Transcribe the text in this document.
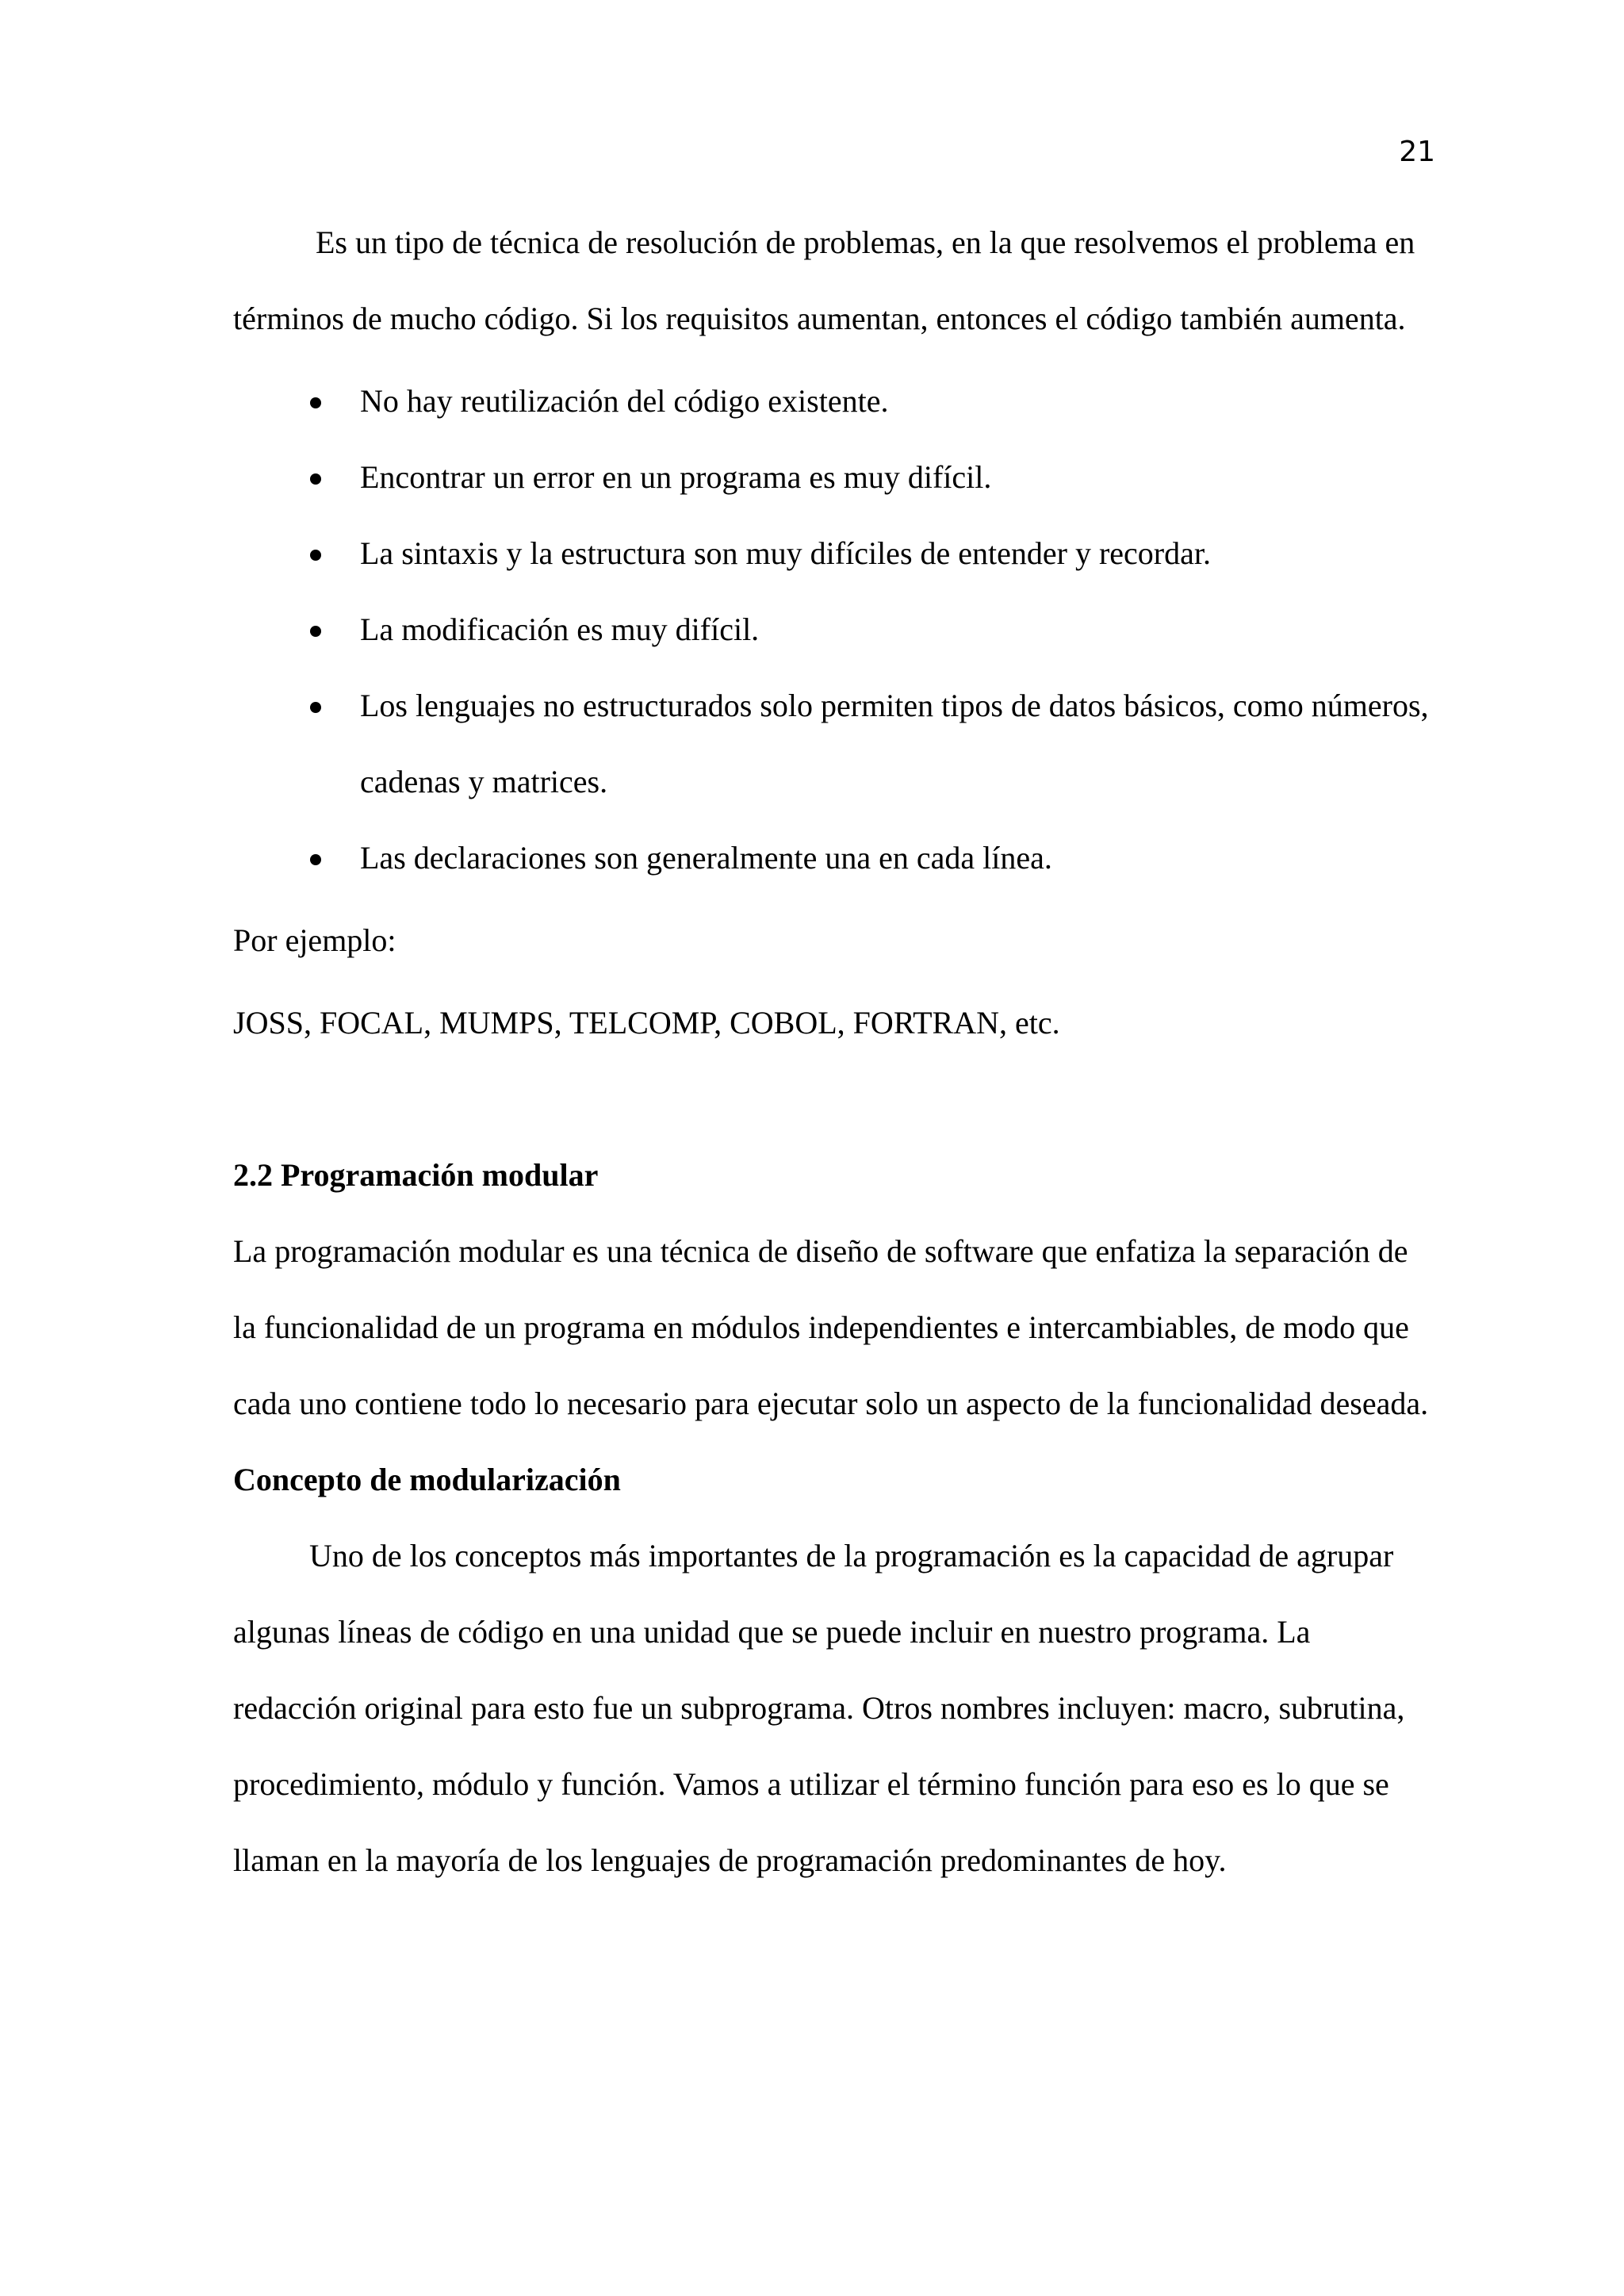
21

Es un tipo de técnica de resolución de problemas, en la que resolvemos el problema en términos de mucho código. Si los requisitos aumentan, entonces el código también aumenta.

No hay reutilización del código existente.
Encontrar un error en un programa es muy difícil.
La sintaxis y la estructura son muy difíciles de entender y recordar.
La modificación es muy difícil.
Los lenguajes no estructurados solo permiten tipos de datos básicos, como números, cadenas y matrices.
Las declaraciones son generalmente una en cada línea.

Por ejemplo:

JOSS, FOCAL, MUMPS, TELCOMP, COBOL, FORTRAN, etc.

2.2 Programación modular

La programación modular es una técnica de diseño de software que enfatiza la separación de la funcionalidad de un programa en módulos independientes e intercambiables, de modo que cada uno contiene todo lo necesario para ejecutar solo un aspecto de la funcionalidad deseada.

Concepto de modularización

Uno de los conceptos más importantes de la programación es la capacidad de agrupar algunas líneas de código en una unidad que se puede incluir en nuestro programa. La redacción original para esto fue un subprograma. Otros nombres incluyen: macro, subrutina, procedimiento, módulo y función. Vamos a utilizar el término función para eso es lo que se llaman en la mayoría de los lenguajes de programación predominantes de hoy.
